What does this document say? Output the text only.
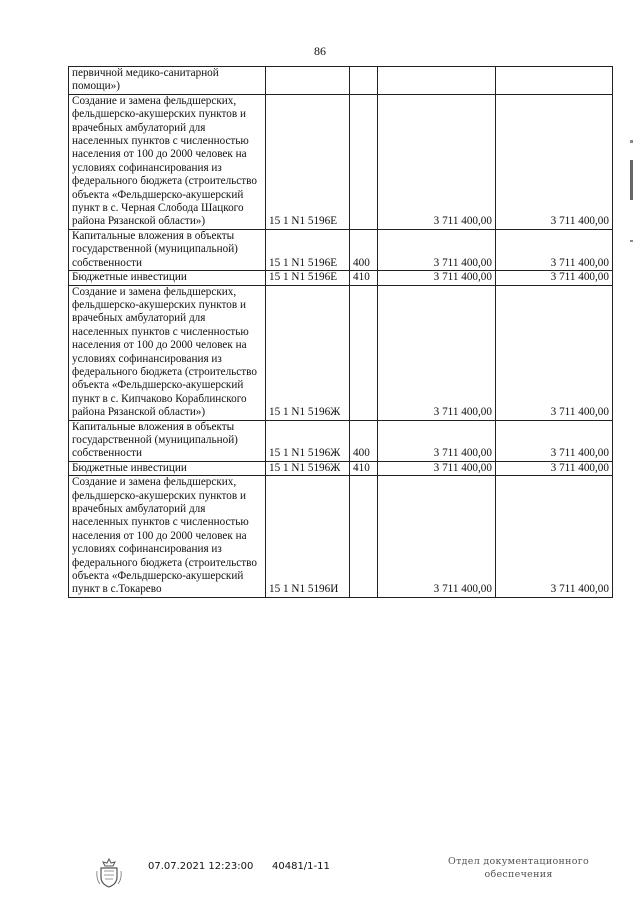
86
первичной медико-санитарной помощи»)				
Создание и замена фельдшерских, фельдшерско-акушерских пунктов и врачебных амбулаторий для населенных пунктов с численностью населения от 100 до 2000 человек на условиях софинансирования из федерального бюджета (строительство объекта «Фельдшерско-акушерский пункт в с. Черная Слобода Шацкого района Рязанской области»)	15 1 N1 5196Е		3 711 400,00	3 711 400,00
Капитальные вложения в объекты государственной (муниципальной) собственности	15 1 N1 5196Е	400	3 711 400,00	3 711 400,00
Бюджетные инвестиции	15 1 N1 5196Е	410	3 711 400,00	3 711 400,00
Создание и замена фельдшерских, фельдшерско-акушерских пунктов и врачебных амбулаторий для населенных пунктов с численностью населения от 100 до 2000 человек на условиях софинансирования из федерального бюджета (строительство объекта «Фельдшерско-акушерский пункт в с. Кипчаково Кораблинского района Рязанской области»)	15 1 N1 5196Ж		3 711 400,00	3 711 400,00
Капитальные вложения в объекты государственной (муниципальной) собственности	15 1 N1 5196Ж	400	3 711 400,00	3 711 400,00
Бюджетные инвестиции	15 1 N1 5196Ж	410	3 711 400,00	3 711 400,00
Создание и замена фельдшерских, фельдшерско-акушерских пунктов и врачебных амбулаторий для населенных пунктов с численностью населения от 100 до 2000 человек на условиях софинансирования из федерального бюджета (строительство объекта «Фельдшерско-акушерский пункт в с.Токарево	15 1 N1 5196И		3 711 400,00	3 711 400,00
07.07.2021 12:23:00 40481/1-11	Отдел документационного
обеспечения
